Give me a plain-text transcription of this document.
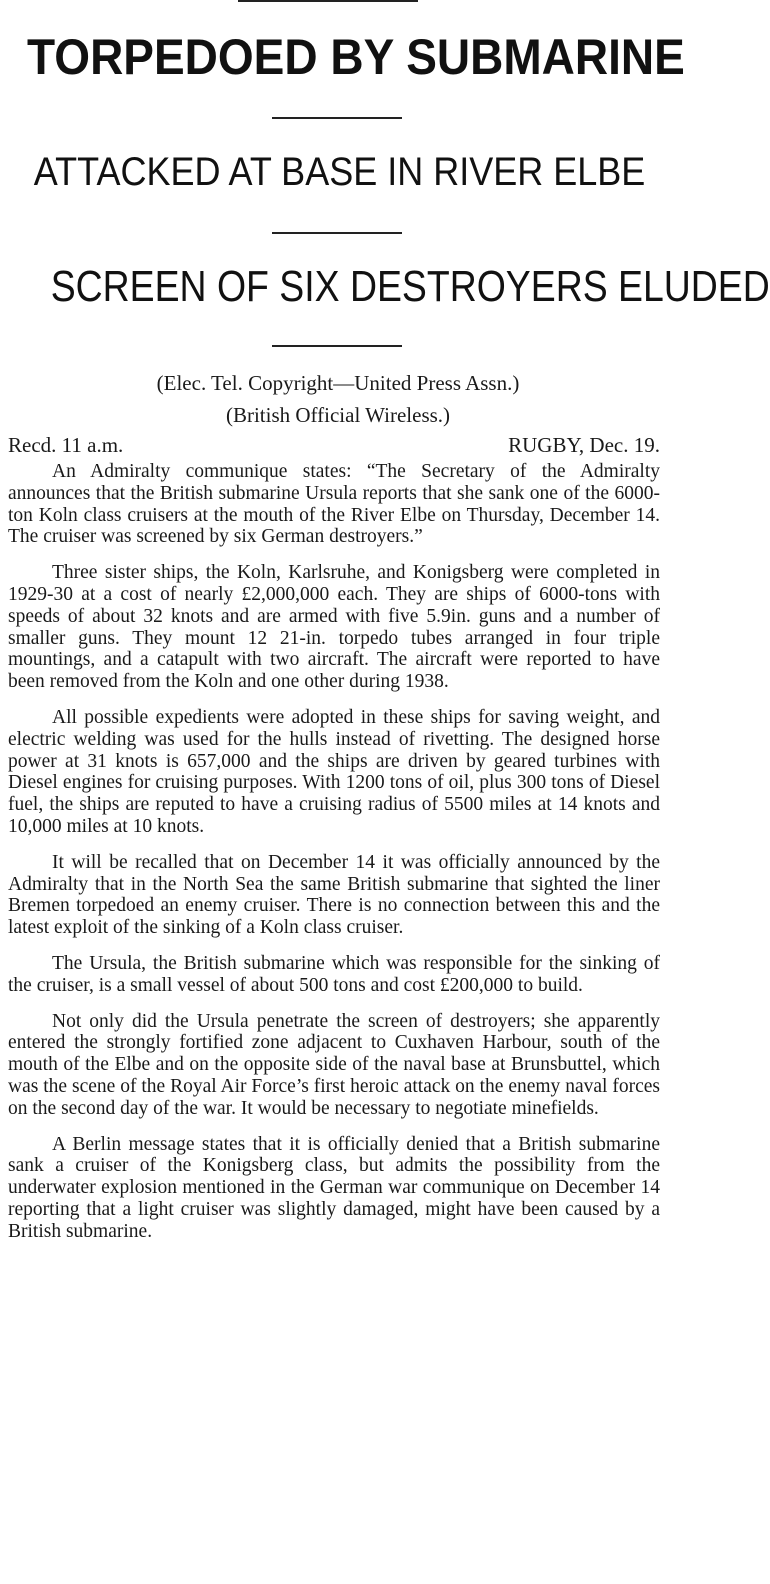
TORPEDOED BY SUBMARINE
ATTACKED AT BASE IN RIVER ELBE
SCREEN OF SIX DESTROYERS ELUDED
(Elec. Tel. Copyright—United Press Assn.)
(British Official Wireless.)
Recd. 11 a.m.	RUGBY, Dec. 19.

An Admiralty communique states: “The Secretary of the Admiralty announces that the British submarine Ursula reports that she sank one of the 6000-ton Koln class cruisers at the mouth of the River Elbe on Thursday, December 14. The cruiser was screened by six German destroyers.”

Three sister ships, the Koln, Karlsruhe, and Konigsberg were completed in 1929-30 at a cost of nearly £2,000,000 each. They are ships of 6000-tons with speeds of about 32 knots and are armed with five 5.9in. guns and a number of smaller guns. They mount 12 21-in. torpedo tubes arranged in four triple mountings, and a catapult with two aircraft. The aircraft were reported to have been removed from the Koln and one other during 1938.

All possible expedients were adopted in these ships for saving weight, and electric welding was used for the hulls instead of rivetting. The designed horse power at 31 knots is 657,000 and the ships are driven by geared turbines with Diesel engines for cruising purposes. With 1200 tons of oil, plus 300 tons of Diesel fuel, the ships are reputed to have a cruising radius of 5500 miles at 14 knots and 10,000 miles at 10 knots.

It will be recalled that on December 14 it was officially announced by the Admiralty that in the North Sea the same British submarine that sighted the liner Bremen torpedoed an enemy cruiser. There is no connection between this and the latest exploit of the sinking of a Koln class cruiser.

The Ursula, the British submarine which was responsible for the sinking of the cruiser, is a small vessel of about 500 tons and cost £200,000 to build.

Not only did the Ursula penetrate the screen of destroyers; she apparently entered the strongly fortified zone adjacent to Cuxhaven Harbour, south of the mouth of the Elbe and on the opposite side of the naval base at Brunsbuttel, which was the scene of the Royal Air Force’s first heroic attack on the enemy naval forces on the second day of the war. It would be necessary to negotiate minefields.

A Berlin message states that it is officially denied that a British submarine sank a cruiser of the Konigsberg class, but admits the possibility from the underwater explosion mentioned in the German war communique on December 14 reporting that a light cruiser was slightly damaged, might have been caused by a British submarine.
